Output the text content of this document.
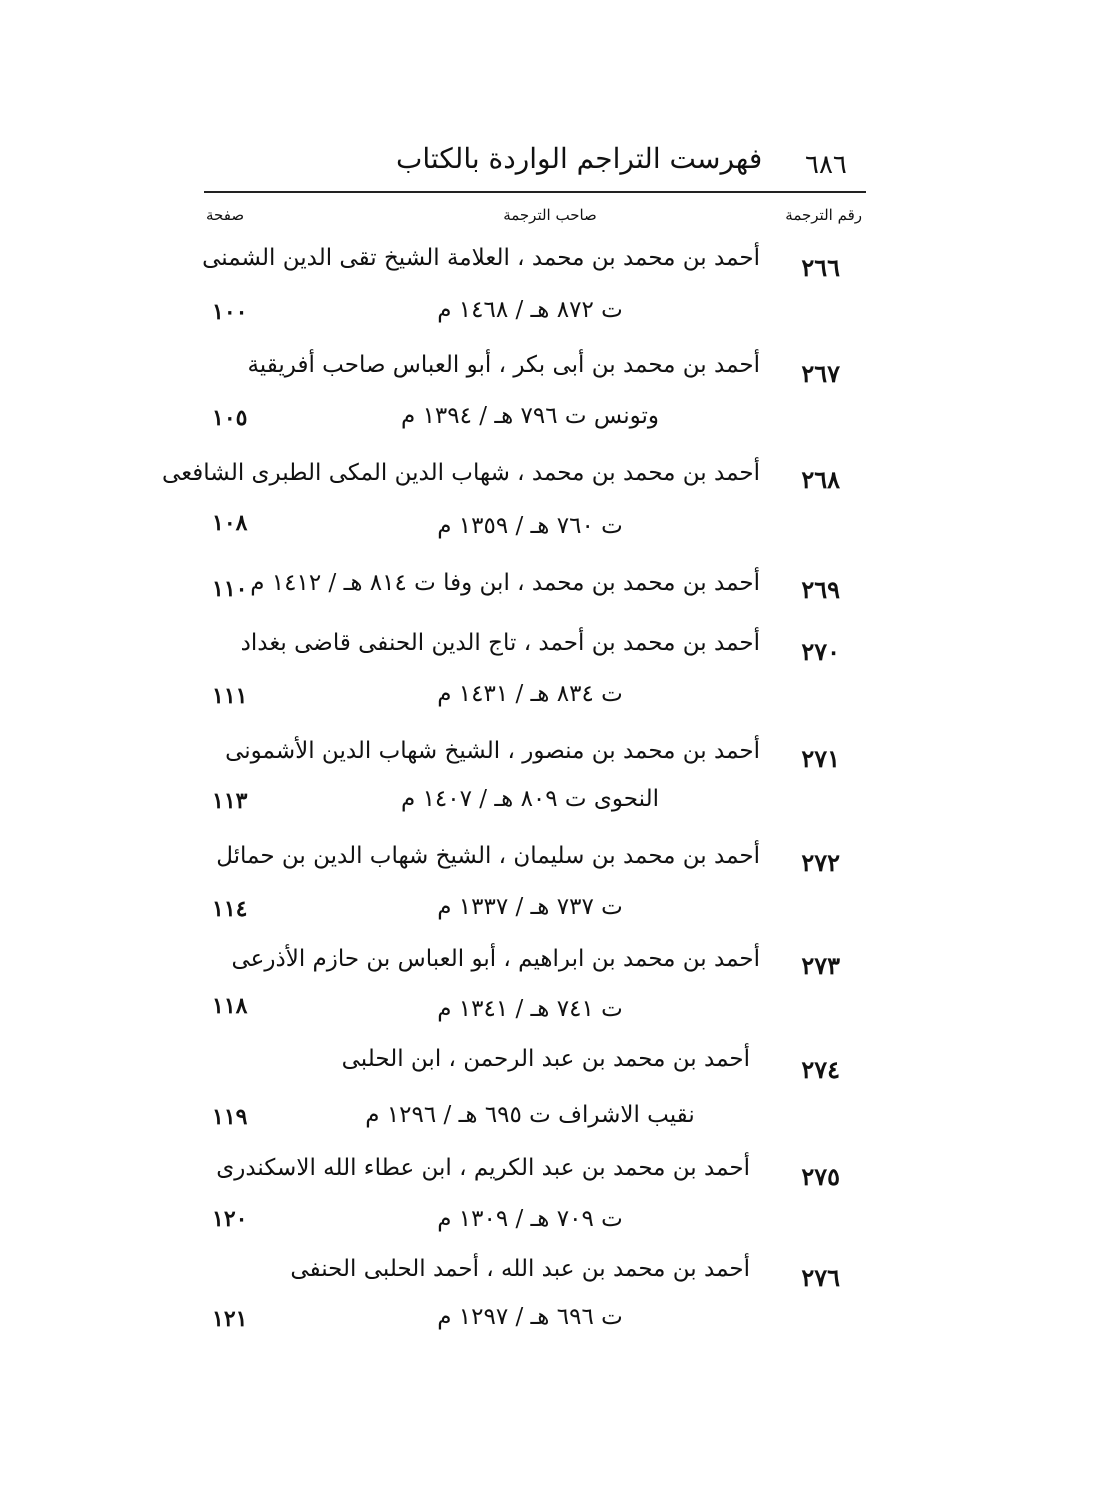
٦٨٦
فهرست التراجم الواردة بالكتاب
رقم الترجمة
صاحب الترجمة
صفحة
٢٦٦
أحمد بن محمد بن محمد ، العلامة الشيخ تقى الدين الشمنى
ت ٨٧٢ هـ / ١٤٦٨ م
١٠٠
٢٦٧
أحمد بن محمد بن أبى بكر ، أبو العباس صاحب أفريقية
وتونس ت ٧٩٦ هـ / ١٣٩٤ م
١٠٥
٢٦٨
أحمد بن محمد بن محمد ، شهاب الدين المكى الطبرى الشافعى
ت ٧٦٠ هـ / ١٣٥٩ م
١٠٨
٢٦٩
أحمد بن محمد بن محمد ، ابن وفا ت ٨١٤ هـ / ١٤١٢ م
١١٠
٢٧٠
أحمد بن محمد بن أحمد ، تاج الدين الحنفى قاضى بغداد
ت ٨٣٤ هـ / ١٤٣١ م
١١١
٢٧١
أحمد بن محمد بن منصور ، الشيخ شهاب الدين الأشمونى
النحوى ت ٨٠٩ هـ / ١٤٠٧ م
١١٣
٢٧٢
أحمد بن محمد بن سليمان ، الشيخ شهاب الدين بن حمائل
ت ٧٣٧ هـ / ١٣٣٧ م
١١٤
٢٧٣
أحمد بن محمد بن ابراهيم ، أبو العباس بن حازم الأذرعى
ت ٧٤١ هـ / ١٣٤١ م
١١٨
٢٧٤
أحمد بن محمد بن عبد الرحمن ، ابن الحلبى
نقيب الاشراف ت ٦٩٥ هـ / ١٢٩٦ م
١١٩
٢٧٥
أحمد بن محمد بن عبد الكريم ، ابن عطاء الله الاسكندرى
ت ٧٠٩ هـ / ١٣٠٩ م
١٢٠
٢٧٦
أحمد بن محمد بن عبد الله ، أحمد الحلبى الحنفى
ت ٦٩٦ هـ / ١٢٩٧ م
١٢١
